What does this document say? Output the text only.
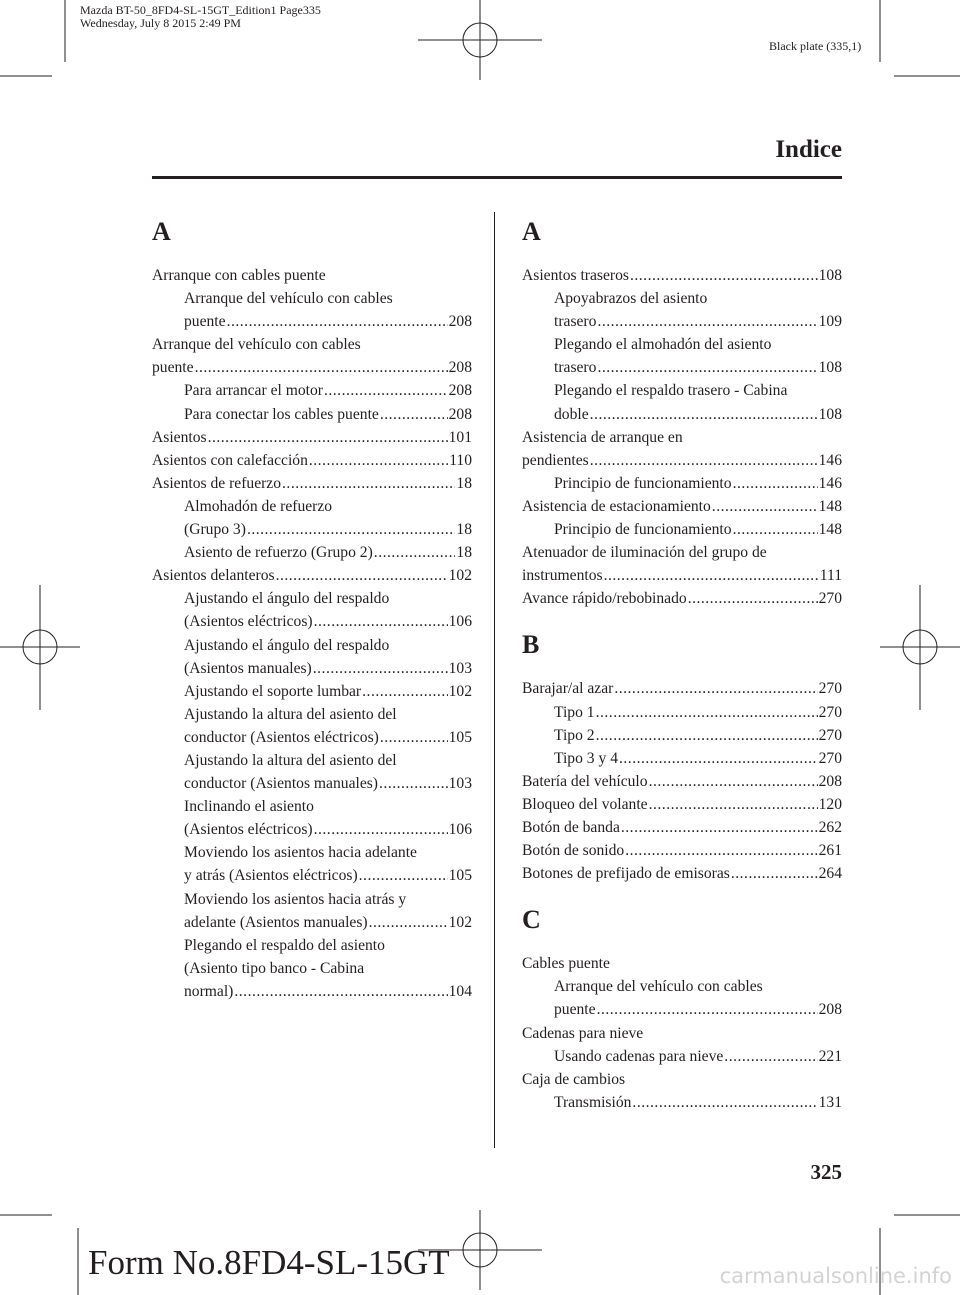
Mazda BT-50_8FD4-SL-15GT_Edition1 Page335
Wednesday, July 8 2015 2:49 PM
Black plate (335,1)
Indice
A
Arranque con cables puente
Arranque del vehículo con cables
puente .....	208
Arranque del vehículo con cables
puente .....	208
Para arrancar el motor .....	208
Para conectar los cables puente .....	208
Asientos .....	101
Asientos con calefacción .....	110
Asientos de refuerzo .....	18
Almohadón de refuerzo
(Grupo 3) .....	18
Asiento de refuerzo (Grupo 2) .....	18
Asientos delanteros .....	102
Ajustando el ángulo del respaldo
(Asientos eléctricos) .....	106
Ajustando el ángulo del respaldo
(Asientos manuales) .....	103
Ajustando el soporte lumbar .....	102
Ajustando la altura del asiento del
conductor (Asientos eléctricos) .....	105
Ajustando la altura del asiento del
conductor (Asientos manuales) .....	103
Inclinando el asiento
(Asientos eléctricos) .....	106
Moviendo los asientos hacia adelante
y atrás (Asientos eléctricos) .....	105
Moviendo los asientos hacia atrás y
adelante (Asientos manuales) .....	102
Plegando el respaldo del asiento
(Asiento tipo banco - Cabina
normal) .....	104
A
Asientos traseros .....	108
Apoyabrazos del asiento
trasero .....	109
Plegando el almohadón del asiento
trasero .....	108
Plegando el respaldo trasero - Cabina
doble .....	108
Asistencia de arranque en
pendientes .....	146
Principio de funcionamiento .....	146
Asistencia de estacionamiento .....	148
Principio de funcionamiento .....	148
Atenuador de iluminación del grupo de
instrumentos .....	111
Avance rápido/rebobinado .....	270
B
Barajar/al azar .....	270
Tipo 1 .....	270
Tipo 2 .....	270
Tipo 3 y 4 .....	270
Batería del vehículo .....	208
Bloqueo del volante .....	120
Botón de banda .....	262
Botón de sonido .....	261
Botones de prefijado de emisoras .....	264
C
Cables puente
Arranque del vehículo con cables
puente .....	208
Cadenas para nieve
Usando cadenas para nieve .....	221
Caja de cambios
Transmisión .....	131
325
Form No.8FD4-SL-15GT	carmanualsonline.info
